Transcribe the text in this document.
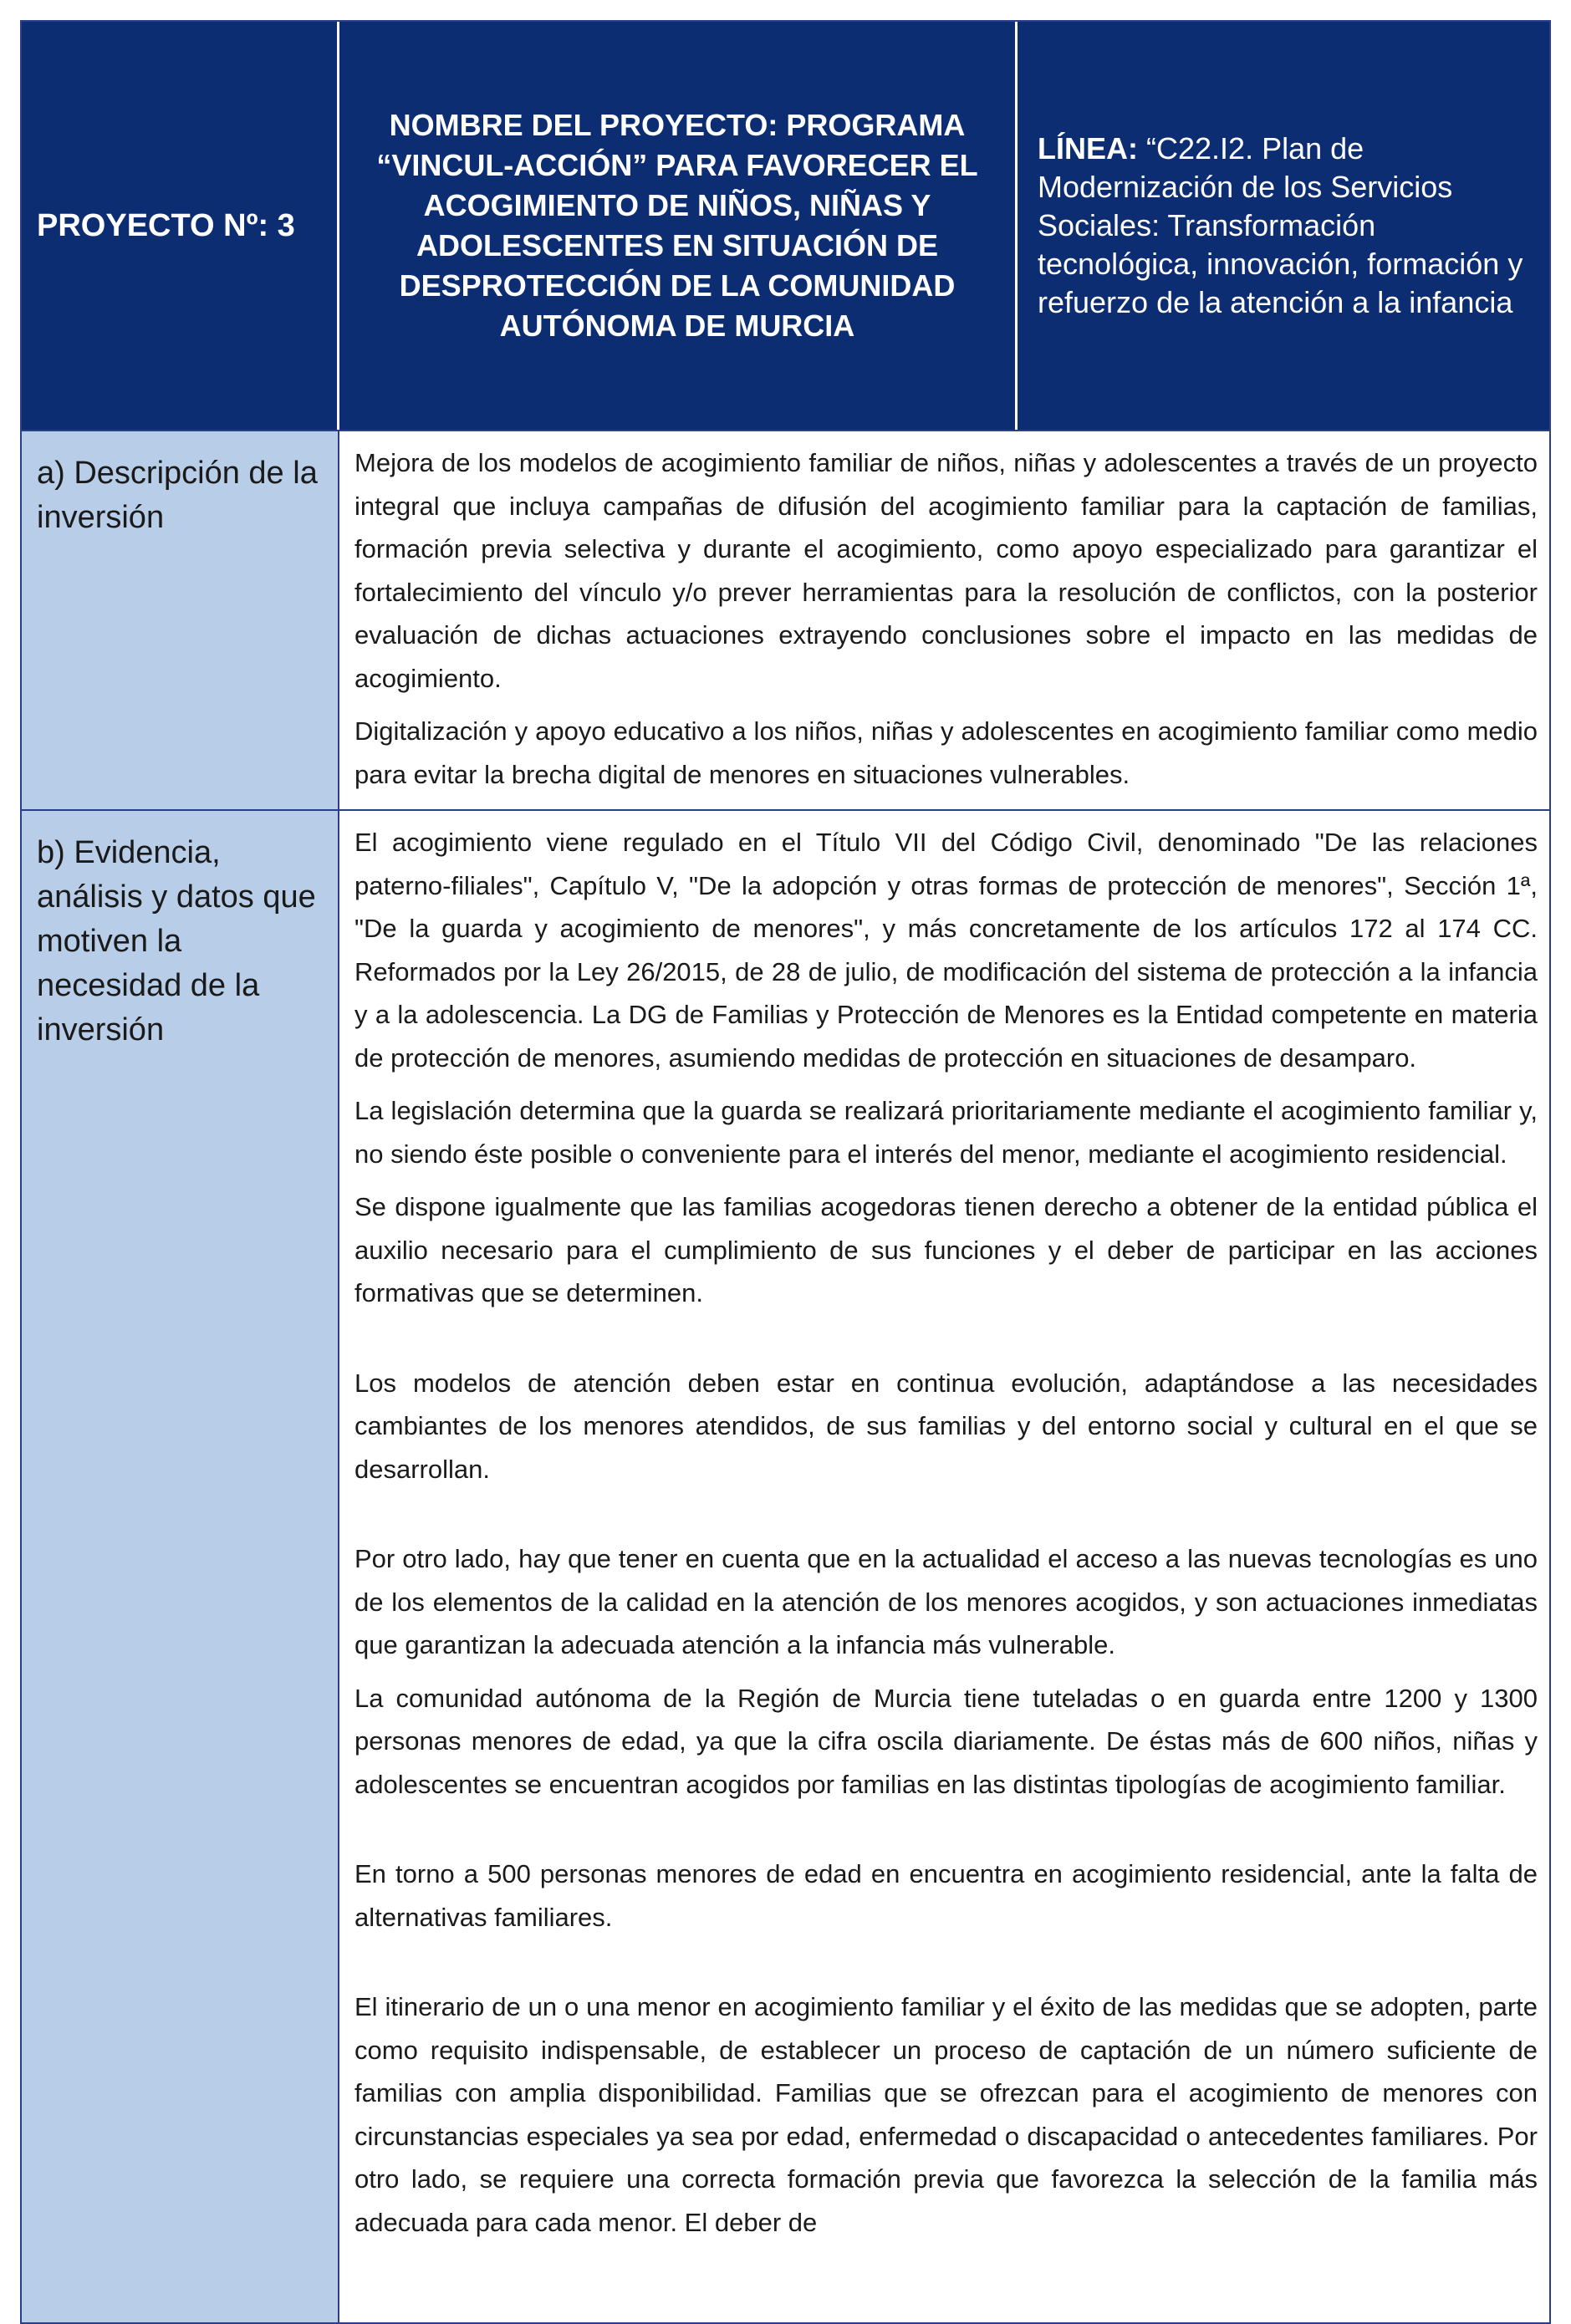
PROYECTO Nº: 3
NOMBRE DEL PROYECTO: PROGRAMA “VINCUL-ACCIÓN” PARA FAVORECER EL ACOGIMIENTO DE NIÑOS, NIÑAS Y ADOLESCENTES EN SITUACIÓN DE DESPROTECCIÓN DE LA COMUNIDAD AUTÓNOMA DE MURCIA
LÍNEA: “C22.I2. Plan de Modernización de los Servicios Sociales: Transformación tecnológica, innovación, formación y refuerzo de la atención a la infancia
a) Descripción de la inversión

Mejora de los modelos de acogimiento familiar de niños, niñas y adolescentes a través de un proyecto integral que incluya campañas de difusión del acogimiento familiar para la captación de familias, formación previa selectiva y durante el acogimiento, como apoyo especializado para garantizar el fortalecimiento del vínculo y/o prever herramientas para la resolución de conflictos, con la posterior evaluación de dichas actuaciones extrayendo conclusiones sobre el impacto en las medidas de acogimiento.

Digitalización y apoyo educativo a los niños, niñas y adolescentes en acogimiento familiar como medio para evitar la brecha digital de menores en situaciones vulnerables.

b) Evidencia, análisis y datos que motiven la necesidad de la inversión

El acogimiento viene regulado en el Título VII del Código Civil, denominado "De las relaciones paterno-filiales", Capítulo V, "De la adopción y otras formas de protección de menores", Sección 1ª, "De la guarda y acogimiento de menores", y más concretamente de los artículos 172 al 174 CC. Reformados por la Ley 26/2015, de 28 de julio, de modificación del sistema de protección a la infancia y a la adolescencia. La DG de Familias y Protección de Menores es la Entidad competente en materia de protección de menores, asumiendo medidas de protección en situaciones de desamparo.

La legislación determina que la guarda se realizará prioritariamente mediante el acogimiento familiar y, no siendo éste posible o conveniente para el interés del menor, mediante el acogimiento residencial.

Se dispone igualmente que las familias acogedoras tienen derecho a obtener de la entidad pública el auxilio necesario para el cumplimiento de sus funciones y el deber de participar en las acciones formativas que se determinen.

Los modelos de atención deben estar en continua evolución, adaptándose a las necesidades cambiantes de los menores atendidos, de sus familias y del entorno social y cultural en el que se desarrollan.

Por otro lado, hay que tener en cuenta que en la actualidad el acceso a las nuevas tecnologías es uno de los elementos de la calidad en la atención de los menores acogidos, y son actuaciones inmediatas que garantizan la adecuada atención a la infancia más vulnerable.

La comunidad autónoma de la Región de Murcia tiene tuteladas o en guarda entre 1200 y 1300 personas menores de edad, ya que la cifra oscila diariamente. De éstas más de 600 niños, niñas y adolescentes se encuentran acogidos por familias en las distintas tipologías de acogimiento familiar.

En torno a 500 personas menores de edad en encuentra en acogimiento residencial, ante la falta de alternativas familiares.

El itinerario de un o una menor en acogimiento familiar y el éxito de las medidas que se adopten, parte como requisito indispensable, de establecer un proceso de captación de un número suficiente de familias con amplia disponibilidad. Familias que se ofrezcan para el acogimiento de menores con circunstancias especiales ya sea por edad, enfermedad o discapacidad o antecedentes familiares. Por otro lado, se requiere una correcta formación previa que favorezca la selección de la familia más adecuada para cada menor. El deber de
